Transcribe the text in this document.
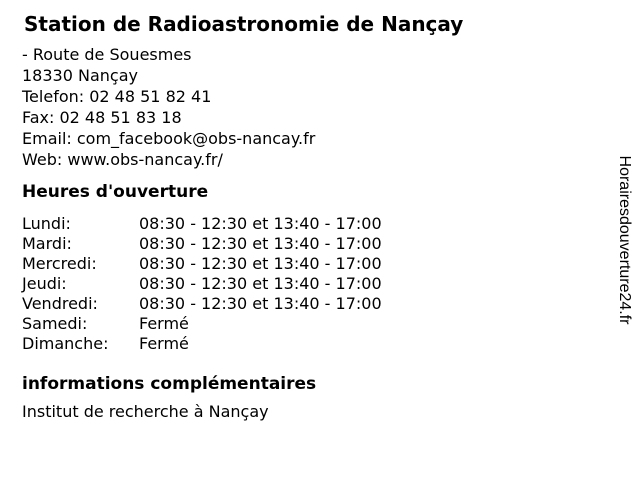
Station de Radioastronomie de Nançay
- Route de Souesmes
18330 Nançay
Telefon: 02 48 51 82 41
Fax: 02 48 51 83 18
Email: com_facebook@obs-nancay.fr
Web: www.obs-nancay.fr/
Heures d'ouverture
Lundi:	08:30 - 12:30 et 13:40 - 17:00
Mardi:	08:30 - 12:30 et 13:40 - 17:00
Mercredi:	08:30 - 12:30 et 13:40 - 17:00
Jeudi:	08:30 - 12:30 et 13:40 - 17:00
Vendredi:	08:30 - 12:30 et 13:40 - 17:00
Samedi:	Fermé
Dimanche:	Fermé
informations complémentaires
Institut de recherche à Nançay
Horairesdouverture24.fr
